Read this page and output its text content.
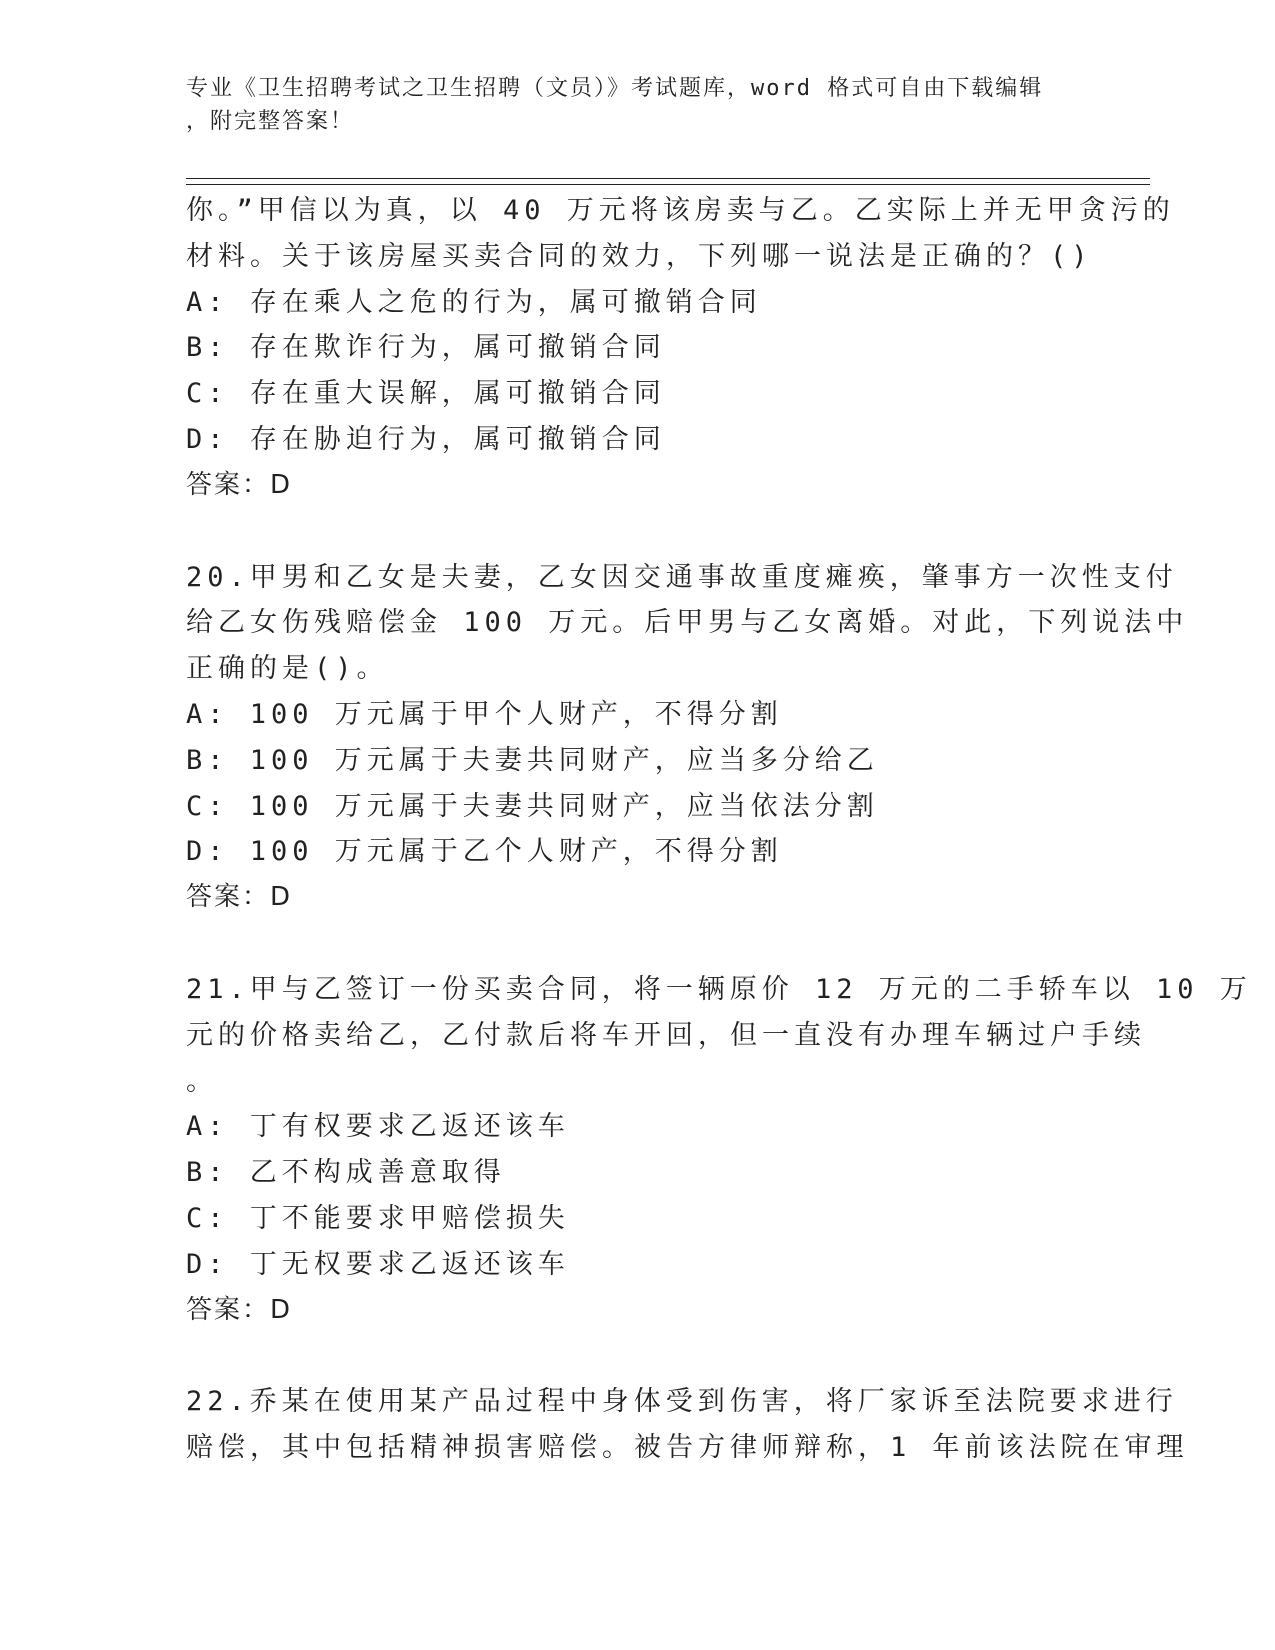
专业《卫生招聘考试之卫生招聘（文员）》考试题库，word 格式可自由下载编辑
，附完整答案！
你。”甲信以为真，以 40 万元将该房卖与乙。乙实际上并无甲贪污的
材料。关于该房屋买卖合同的效力，下列哪一说法是正确的？()
A: 存在乘人之危的行为，属可撤销合同
B: 存在欺诈行为，属可撤销合同
C: 存在重大误解，属可撤销合同
D: 存在胁迫行为，属可撤销合同
答案：D
20.甲男和乙女是夫妻，乙女因交通事故重度瘫痪，肇事方一次性支付
给乙女伤残赔偿金 100 万元。后甲男与乙女离婚。对此，下列说法中
正确的是()。
A: 100 万元属于甲个人财产，不得分割
B: 100 万元属于夫妻共同财产，应当多分给乙
C: 100 万元属于夫妻共同财产，应当依法分割
D: 100 万元属于乙个人财产，不得分割
答案：D
21.甲与乙签订一份买卖合同，将一辆原价 12 万元的二手轿车以 10 万
元的价格卖给乙，乙付款后将车开回，但一直没有办理车辆过户手续
。
A: 丁有权要求乙返还该车
B: 乙不构成善意取得
C: 丁不能要求甲赔偿损失
D: 丁无权要求乙返还该车
答案：D
22.乔某在使用某产品过程中身体受到伤害，将厂家诉至法院要求进行
赔偿，其中包括精神损害赔偿。被告方律师辩称，1 年前该法院在审理
